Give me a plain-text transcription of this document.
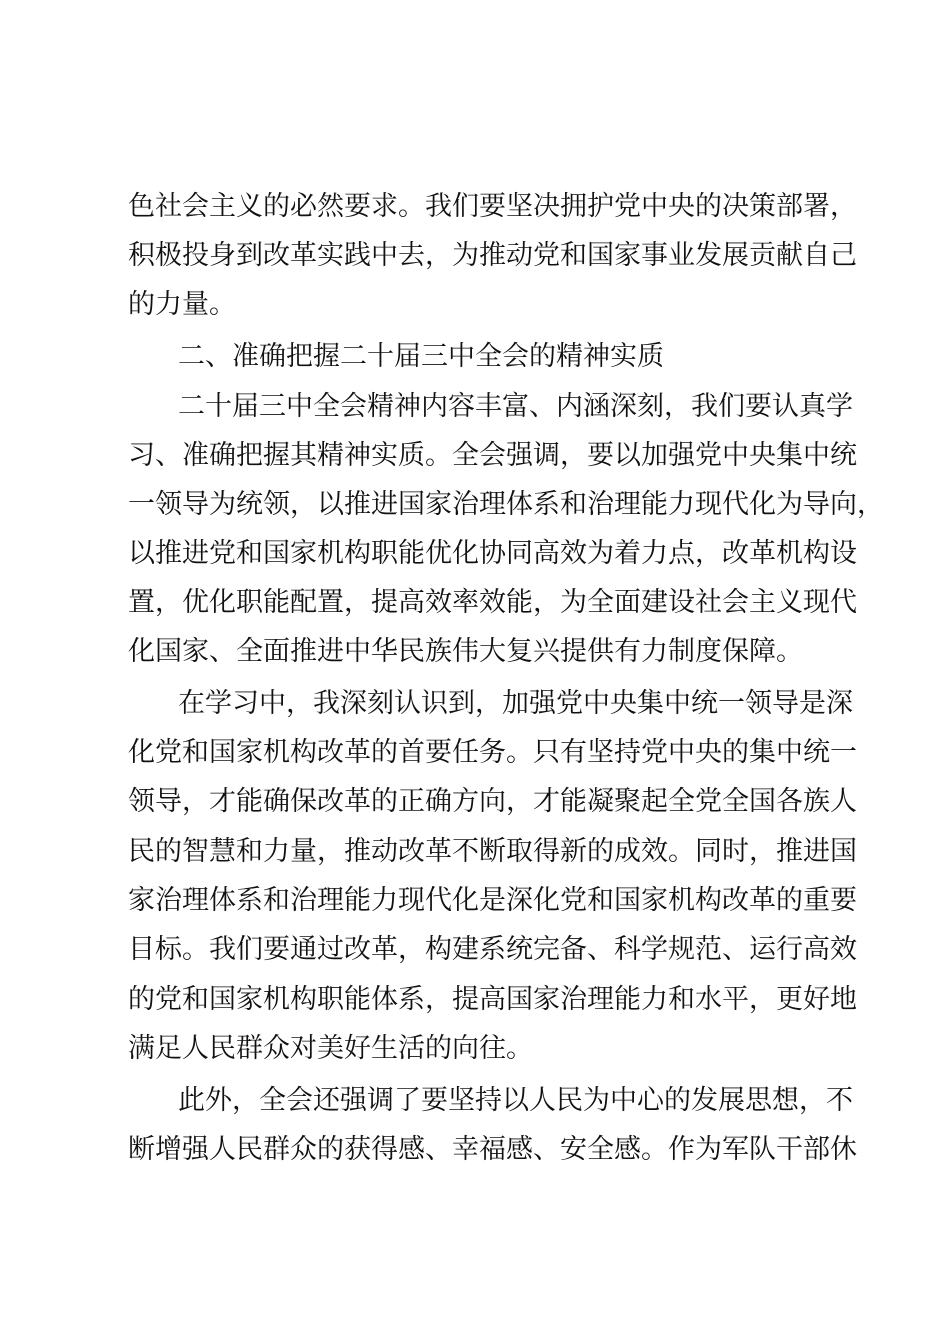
色社会主义的必然要求。我们要坚决拥护党中央的决策部署，
积极投身到改革实践中去，为推动党和国家事业发展贡献自己
的力量。
二、准确把握二十届三中全会的精神实质
二十届三中全会精神内容丰富、内涵深刻，我们要认真学
习、准确把握其精神实质。全会强调，要以加强党中央集中统
一领导为统领，以推进国家治理体系和治理能力现代化为导向，
以推进党和国家机构职能优化协同高效为着力点，改革机构设
置，优化职能配置，提高效率效能，为全面建设社会主义现代
化国家、全面推进中华民族伟大复兴提供有力制度保障。
在学习中，我深刻认识到，加强党中央集中统一领导是深
化党和国家机构改革的首要任务。只有坚持党中央的集中统一
领导，才能确保改革的正确方向，才能凝聚起全党全国各族人
民的智慧和力量，推动改革不断取得新的成效。同时，推进国
家治理体系和治理能力现代化是深化党和国家机构改革的重要
目标。我们要通过改革，构建系统完备、科学规范、运行高效
的党和国家机构职能体系，提高国家治理能力和水平，更好地
满足人民群众对美好生活的向往。
此外，全会还强调了要坚持以人民为中心的发展思想，不
断增强人民群众的获得感、幸福感、安全感。作为军队干部休
